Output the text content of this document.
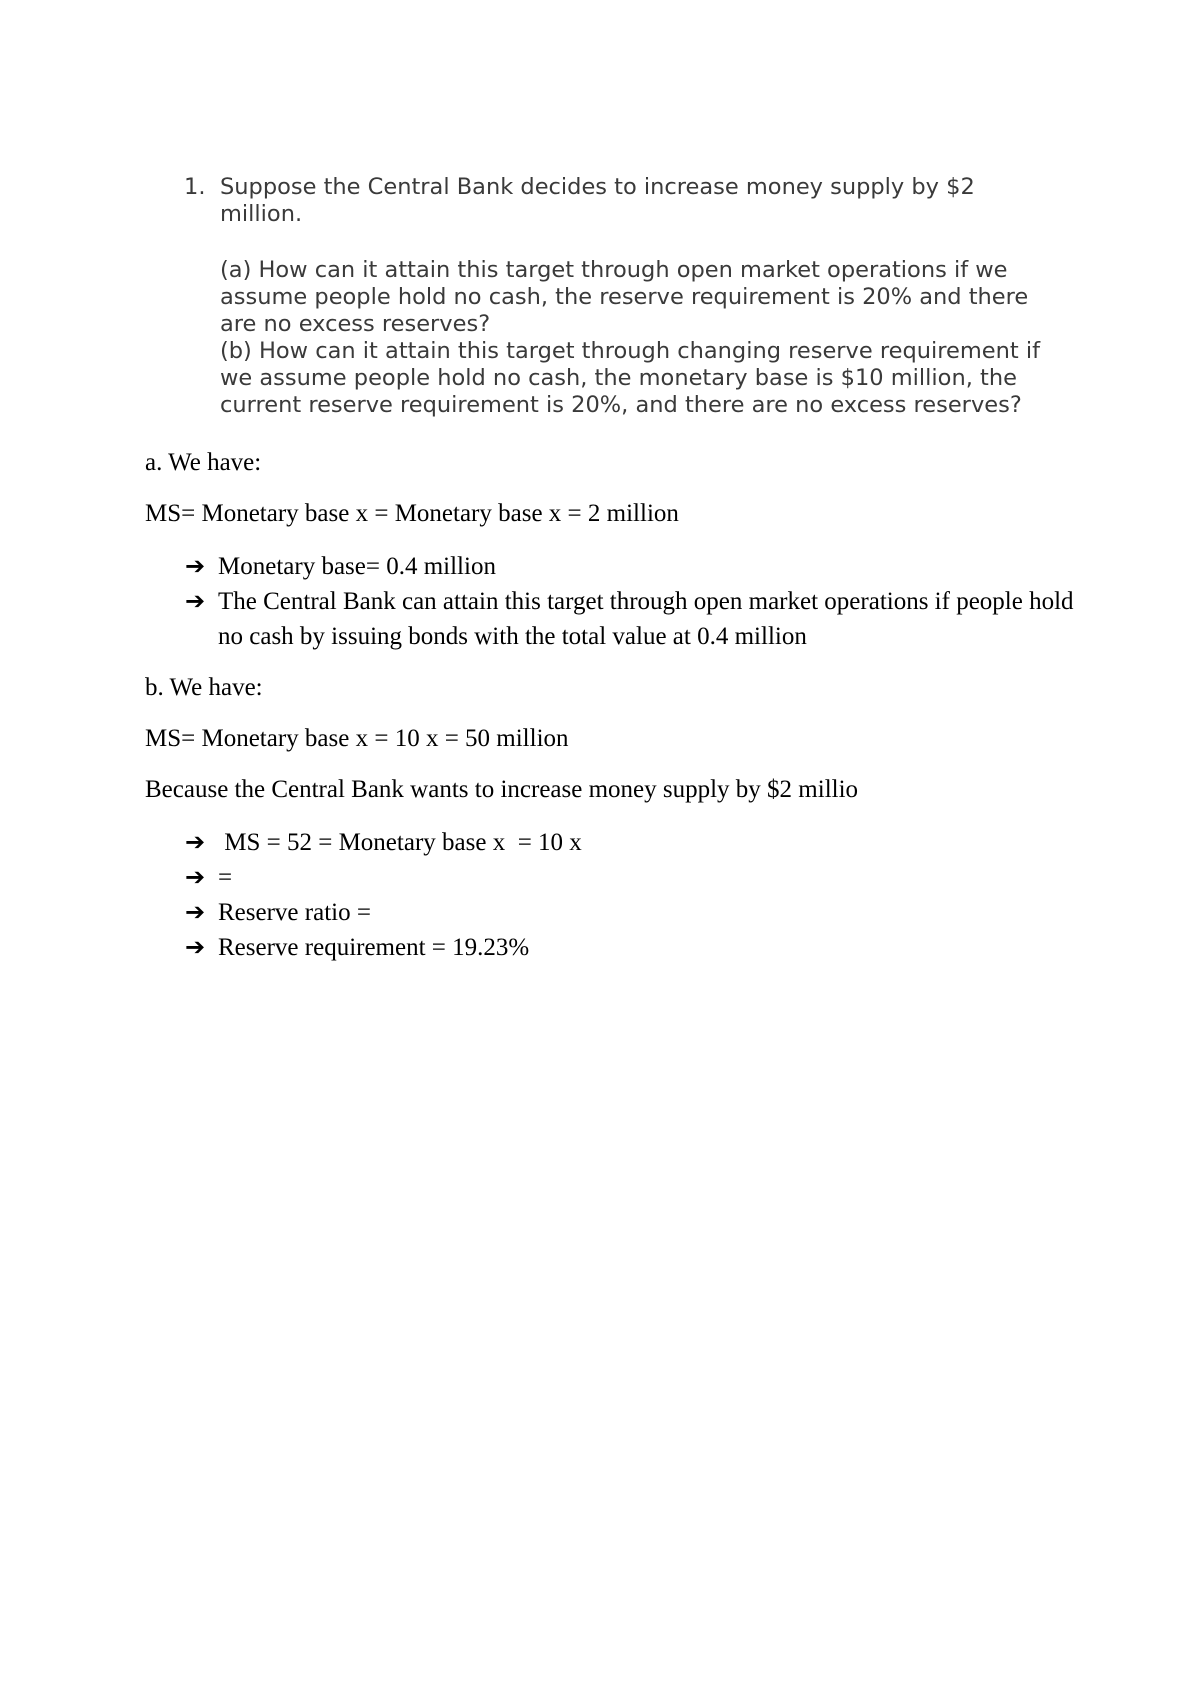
1. Suppose the Central Bank decides to increase money supply by $2
million.
(a) How can it attain this target through open market operations if we assume people hold no cash, the reserve requirement is 20% and there are no excess reserves?
(b) How can it attain this target through changing reserve requirement if we assume people hold no cash, the monetary base is $10 million, the current reserve requirement is 20%, and there are no excess reserves?
a. We have:
MS= Monetary base x = Monetary base x = 2 million
➔ Monetary base= 0.4 million
➔ The Central Bank can attain this target through open market operations if people hold no cash by issuing bonds with the total value at 0.4 million
b. We have:
MS= Monetary base x = 10 x = 50 million
Because the Central Bank wants to increase money supply by $2 millio
➔ MS = 52 = Monetary base x  = 10 x
➔ =
➔ Reserve ratio =
➔ Reserve requirement = 19.23%
